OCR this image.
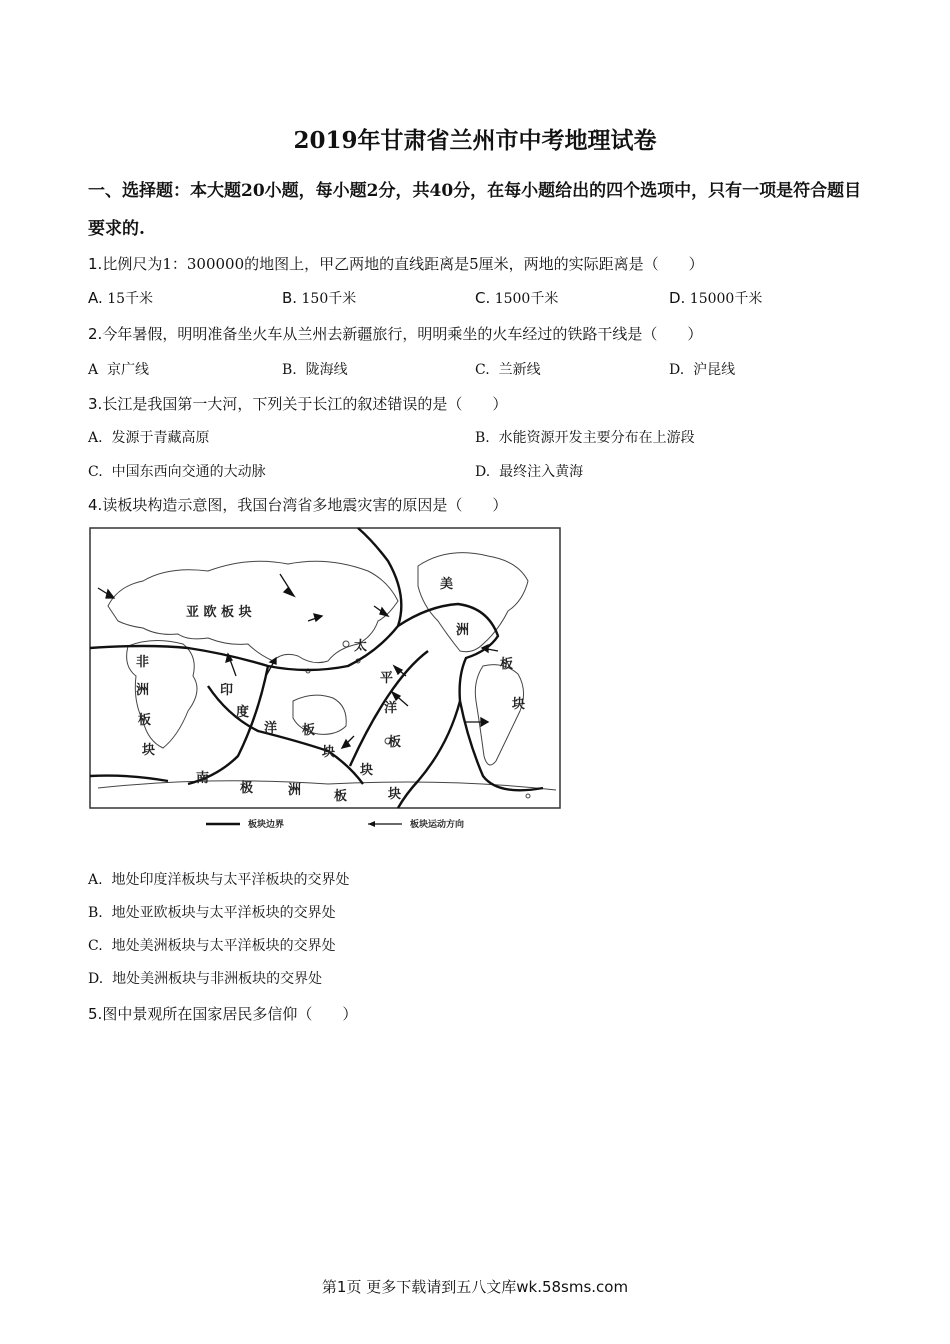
2019年甘肃省兰州市中考地理试卷
一、选择题：本大题20小题，每小题2分，共40分，在每小题给出的四个选项中，只有一项是符合题目要求的.
1.比例尺为1：300000的地图上，甲乙两地的直线距离是5厘米，两地的实际距离是（　　）
A. 15千米	B. 150千米	C. 1500千米	D. 15000千米
2.今年暑假，明明准备坐火车从兰州去新疆旅行，明明乘坐的火车经过的铁路干线是（　　）
A 京广线	B. 陇海线	C. 兰新线	D. 沪昆线
3.长江是我国第一大河，下列关于长江的叙述错误的是（　　）
A. 发源于青藏高原	B. 水能资源开发主要分布在上游段
C. 中国东西向交通的大动脉	D. 最终注入黄海
4.读板块构造示意图，我国台湾省多地震灾害的原因是（　　）
亚 欧 板 块
非
洲
板
块
印
度
洋 板
块
太
平
洋
板
块
美
洲
板
块
南
极	洲	板	块
板块边界	板块运动方向
A. 地处印度洋板块与太平洋板块的交界处
B. 地处亚欧板块与太平洋板块的交界处
C. 地处美洲板块与太平洋板块的交界处
D. 地处美洲板块与非洲板块的交界处
5.图中景观所在国家居民多信仰（　　）
第1页 更多下载请到五八文库wk.58sms.com
